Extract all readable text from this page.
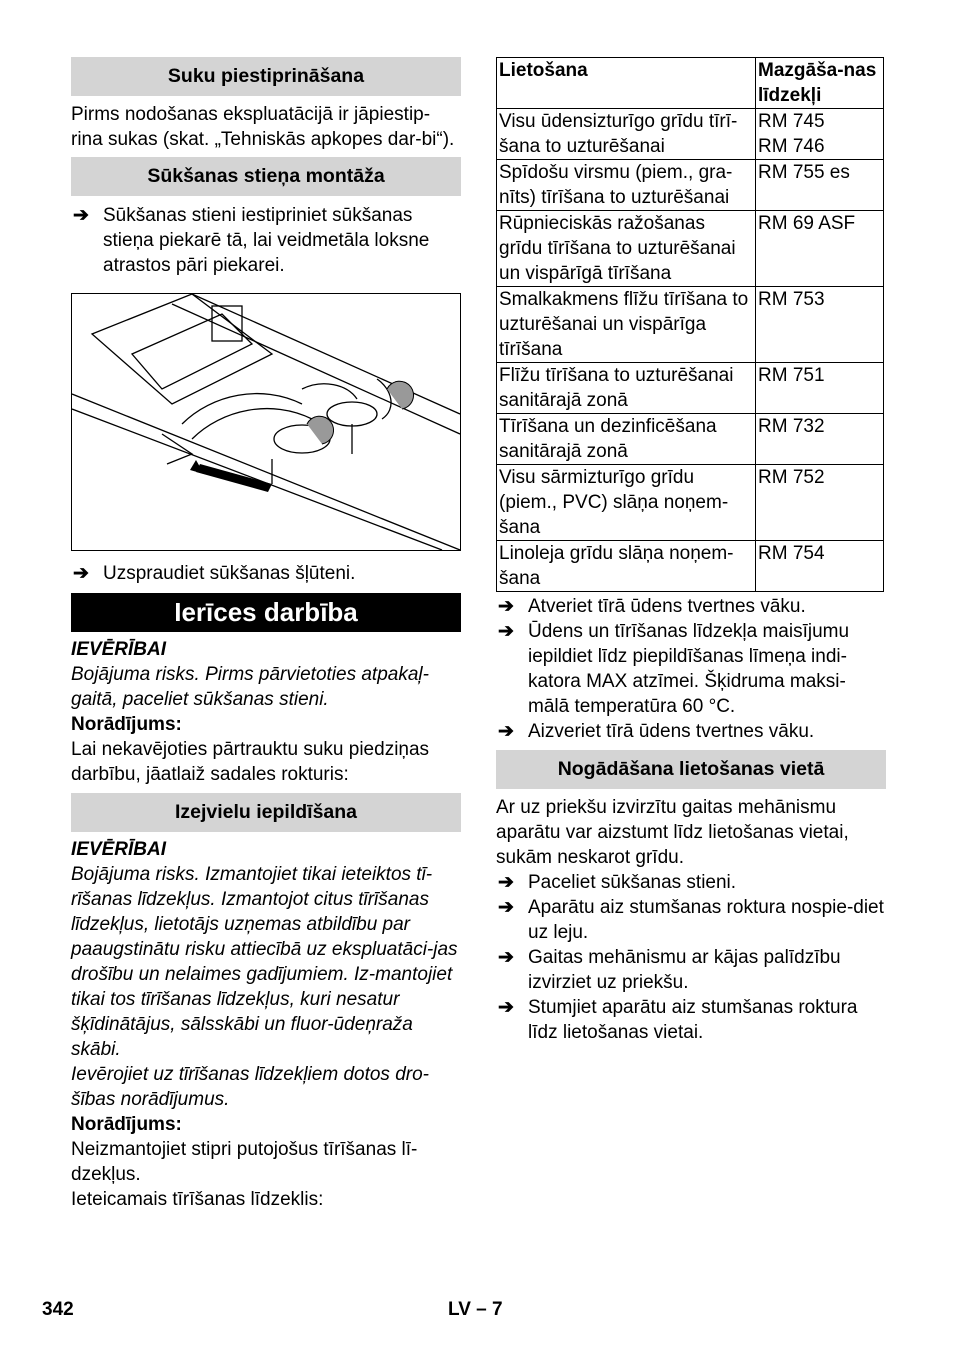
Suku piestiprināšana

Pirms nodošanas ekspluatācijā ir jāpiestip-rina sukas (skat. „Tehniskās apkopes dar-bi“).

Sūkšanas stieņa montāža
➔ Sūkšanas stieni iestipriniet sūkšanas stieņa piekarē tā, lai veidmetāla loksne atrastos pāri piekarei.
➔ Uzspraudiet sūkšanas šļūteni.
Ierīces darbība

IEVĒRĪBAI

Bojājuma risks. Pirms pārvietoties atpakaļ-gaitā, paceliet sūkšanas stieni.

Norādījums:

Lai nekavējoties pārtrauktu suku piedziņas darbību, jāatlaiž sadales rokturis:

Izejvielu iepildīšana

IEVĒRĪBAI

Bojājuma risks. Izmantojiet tikai ieteiktos tī-rīšanas līdzekļus. Izmantojot citus tīrīšanas līdzekļus, lietotājs uzņemas atbildību par paaugstinātu risku attiecībā uz ekspluatāci-jas drošību un nelaimes gadījumiem. Iz-mantojiet tikai tos tīrīšanas līdzekļus, kuri nesatur šķīdinātājus, sālsskābi un fluor-ūdeņraža skābi.

Ievērojiet uz tīrīšanas līdzekļiem dotos dro-šības norādījumus.

Norādījums:

Neizmantojiet stipri putojošus tīrīšanas lī-dzekļus.

Ieteicamais tīrīšanas līdzeklis:

Lietošana	Mazgāša-nas līdzekļi
Visu ūdensizturīgo grīdu tīrī-šana to uzturēšanai	RM 745
RM 746
Spīdošu virsmu (piem., gra-nīts) tīrīšana to uzturēšanai	RM 755 es
Rūpnieciskās ražošanas grīdu tīrīšana to uzturēšanai un vispārīgā tīrīšana	RM 69 ASF
Smalkakmens flīžu tīrīšana to uzturēšanai un vispārīga tīrīšana	RM 753
Flīžu tīrīšana to uzturēšanai sanitārajā zonā	RM 751
Tīrīšana un dezinficēšana sanitārajā zonā	RM 732
Visu sārmizturīgo grīdu (piem., PVC) slāņa noņem-šana	RM 752
Linoleja grīdu slāņa noņem-šana	RM 754
➔ Atveriet tīrā ūdens tvertnes vāku.
➔ Ūdens un tīrīšanas līdzekļa maisījumu iepildiet līdz piepildīšanas līmeņa indi-katora MAX atzīmei. Šķidruma maksi-mālā temperatūra 60 °C.
➔ Aizveriet tīrā ūdens tvertnes vāku.
Nogādāšana lietošanas vietā

Ar uz priekšu izvirzītu gaitas mehānismu aparātu var aizstumt līdz lietošanas vietai, sukām neskarot grīdu.

➔ Paceliet sūkšanas stieni.
➔ Aparātu aiz stumšanas roktura nospie-diet uz leju.
➔ Gaitas mehānismu ar kājas palīdzību izvirziet uz priekšu.
➔ Stumjiet aparātu aiz stumšanas roktura līdz lietošanas vietai.
342	LV – 7
